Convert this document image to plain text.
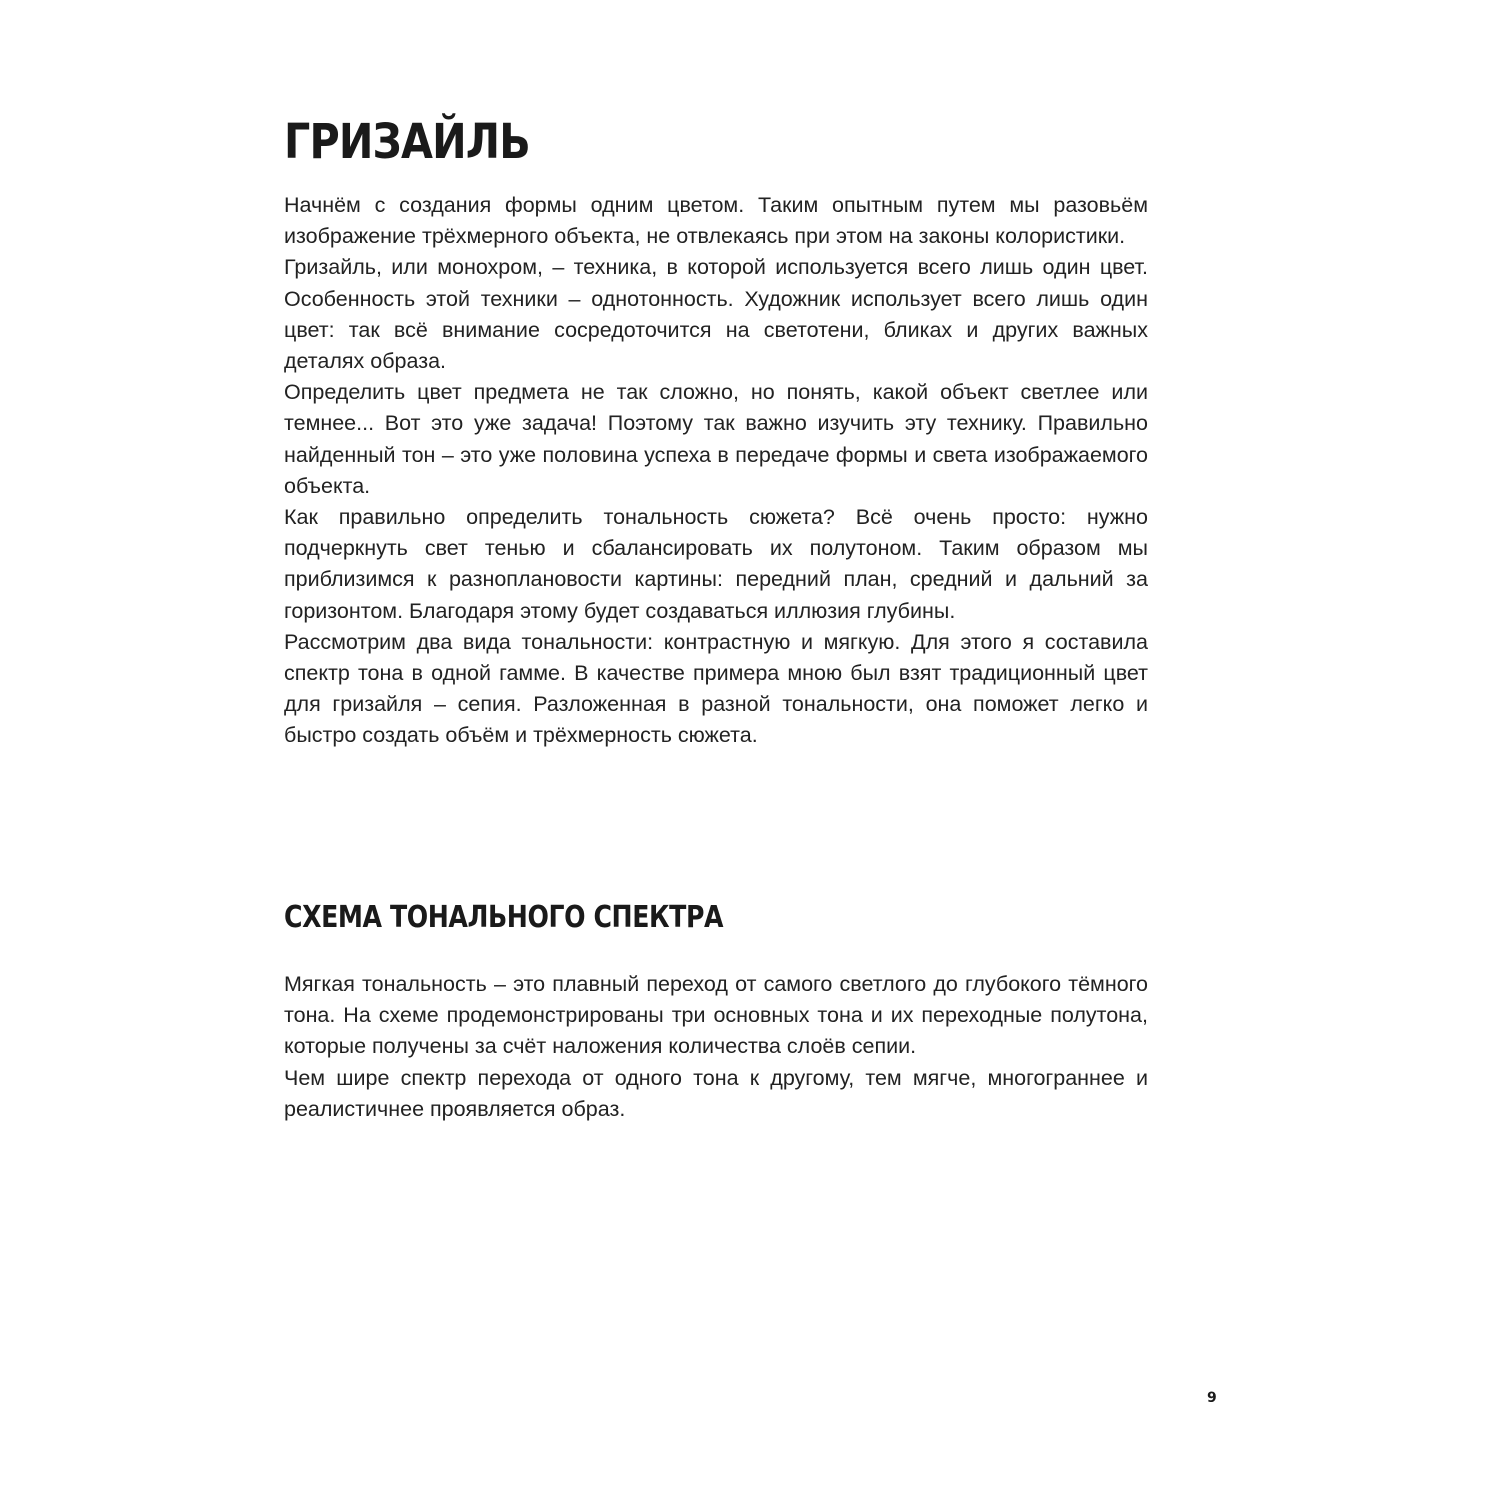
ГРИЗАЙЛЬ

Начнём с создания формы одним цветом. Таким опытным путем мы разовьём изображение трёхмерного объекта, не отвлекаясь при этом на законы колористики.

Гризайль, или монохром, – техника, в которой используется всего лишь один цвет. Особенность этой техники – однотонность. Художник использует всего лишь один цвет: так всё внимание сосредоточится на светотени, бликах и других важных деталях образа.

Определить цвет предмета не так сложно, но понять, какой объект светлее или темнее... Вот это уже задача! Поэтому так важно изучить эту технику. Правильно найденный тон – это уже половина успеха в передаче формы и света изображаемого объекта.

Как правильно определить тональность сюжета? Всё очень просто: нужно подчеркнуть свет тенью и сбалансировать их полутоном. Таким образом мы приблизимся к разноплановости картины: передний план, средний и дальний за горизонтом. Благодаря этому будет создаваться иллюзия глубины.

Рассмотрим два вида тональности: контрастную и мягкую. Для этого я составила спектр тона в одной гамме. В качестве примера мною был взят традиционный цвет для гризайля – сепия. Разложенная в разной тональности, она поможет легко и быстро создать объём и трёхмерность сюжета.

СХЕМА ТОНАЛЬНОГО СПЕКТРА

Мягкая тональность – это плавный переход от самого светлого до глубокого тёмного тона. На схеме продемонстрированы три основных тона и их переходные полутона, которые получены за счёт наложения количества слоёв сепии.

Чем шире спектр перехода от одного тона к другому, тем мягче, многограннее и реалистичнее проявляется образ.

9
